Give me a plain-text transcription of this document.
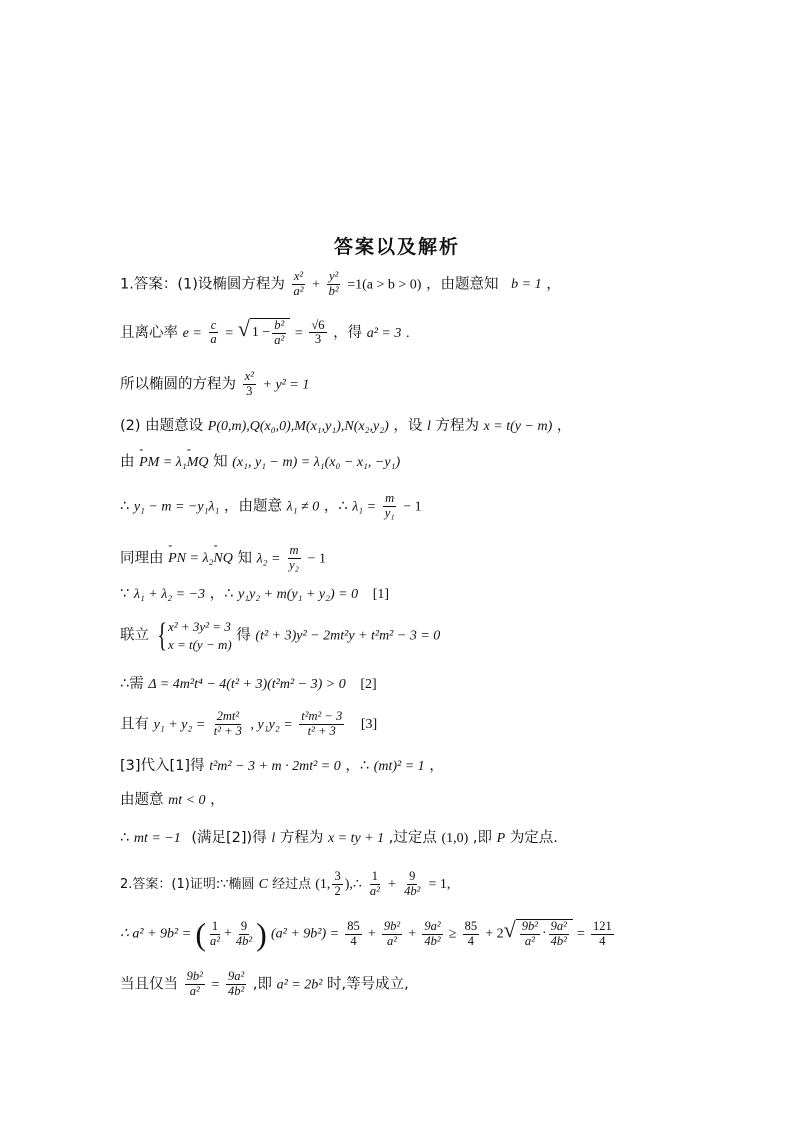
答案以及解析
1.答案：(1)设椭圆方程为 $\frac{\text{x²}}{\text{a²}} + \frac{\text{y²}}{\text{b²}} =1(a > b > 0)$ ，由题意知 b = 1 ，
且离心率 $e = \frac{c}{a}$ = √ $1 - \frac{\text{b²}}{\text{a²}} = \frac{√6}{3}$ ，得 a² = 3 .
所以椭圆的方程为 $\frac{\text{x²}}{3} + y^2 = 1$
(2) 由题意设 P(0,m),Q(x₀,0),M(x₁,y₁),N(x₂,y₂) ，设 l 方程为 x = t(y − m) ，
由 ᵛᵛᵛ PM = λ₁ᵛᵛᵛ MQ 知 (x₁, y₁ − m) = λ₁(x₀ − x₁, −y₁)
∴ y₁ − m = −y₁λ₁ ，由题意 λ₁ ≠ 0 ，∴ $\lambda_1 = \frac{m}{\text{y₁}} - 1$
同理由 ᵛᵛᵛ PN = λ₂ᵛᵛᵛ NQ 知 $\lambda_2 = \frac{m}{\text{y₂}} - 1$
∵ λ₁ + λ₂ = −3 ，∴ y₁y₂ + m(y₁ + y₂) = 0 [1]
联立 { x² + 3y² = 3
x = t(y − m)
得 (t² + 3)y² − 2mt²y + t²m² − 3 = 0
∴需 Δ = 4m²t⁴ − 4(t² + 3)(t²m² − 3) > 0 [2]
且有 $y_1 + y_2 = \frac{\text{2mt²}}{\text{t² + 3}}$ , $y_1y_2 = \frac{\text{t²m² − 3}}{\text{t² + 3}} [3]$
[3]代入[1]得 t²m² − 3 + m · 2mt² = 0 ，∴ (mt)² = 1 ，
由题意 mt < 0 ，
∴ mt = −1 (满足[2])得 l 方程为 x = ty + 1 ,过定点 (1,0) ,即 P 为定点.
2.答案：(1)证明:∵椭圆 C 经过点 (1, $\frac{3}{2}$ ),∴ $\frac{1}{\text{a²}} + \frac{9}{\text{4b²}} = 1$,
∴ a² + 9b² = ( $\frac{1}{\text{a²}} + \frac{9}{\text{4b²}}$ ) $(a^2 + 9b^2) = \frac{85}{4} + \frac{\text{9b²}}{\text{a²}} + \frac{\text{9a²}}{\text{4b²}} \ge \frac{85}{4} + 2$ √ $\frac{\text{9b²}}{\text{a²}} \cdot \frac{\text{9a²}}{\text{4b²}} = \frac{121}{4}$
当且仅当 $\frac{\text{9b²}}{\text{a²}} = \frac{\text{9a²}}{\text{4b²}}$ ,即 a² = 2b² 时,等号成立,
